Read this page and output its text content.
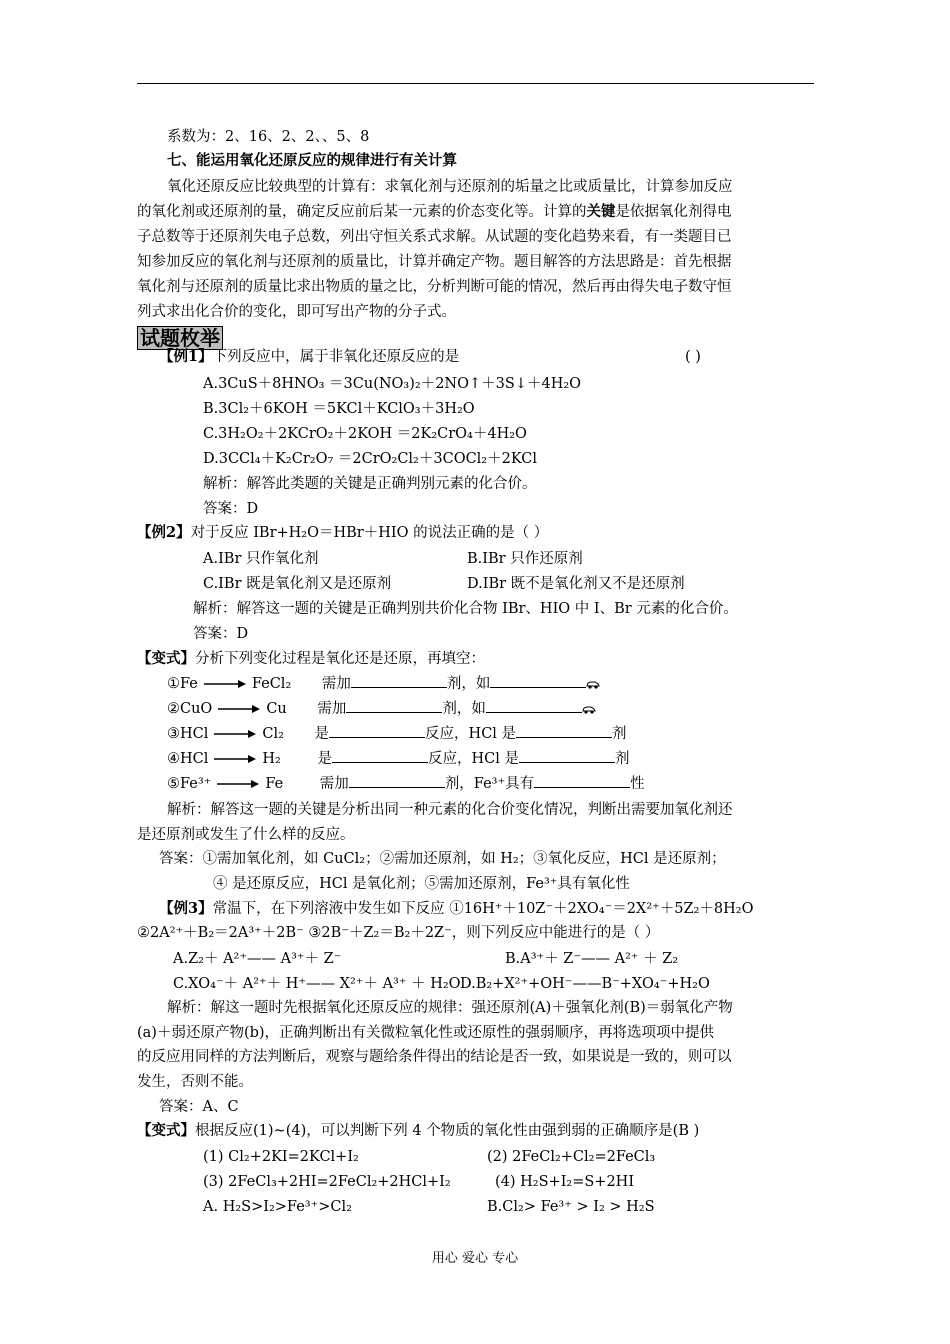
系数为：2、16、2、2、、5、8
七、能运用氧化还原反应的规律进行有关计算
氧化还原反应比较典型的计算有：求氧化剂与还原剂的垢量之比或质量比，计算参加反应
的氧化剂或还原剂的量，确定反应前后某一元素的价态变化等。计算的关键是依据氧化剂得电
子总数等于还原剂失电子总数，列出守恒关系式求解。从试题的变化趋势来看，有一类题目已
知参加反应的氧化剂与还原剂的质量比，计算并确定产物。题目解答的方法思路是：首先根据
氧化剂与还原剂的质量比求出物质的量之比，分析判断可能的情况，然后再由得失电子数守恒
列式求出化合价的变化，即可写出产物的分子式。
试题枚举
【例1】下列反应中，属于非氧化还原反应的是	( )
A.3CuS＋8HNO₃ ＝3Cu(NO₃)₂＋2NO↑＋3S↓＋4H₂O
B.3Cl₂＋6KOH ＝5KCl＋KClO₃＋3H₂O
C.3H₂O₂＋2KCrO₂＋2KOH ＝2K₂CrO₄＋4H₂O
D.3CCl₄＋K₂Cr₂O₇ ＝2CrO₂Cl₂＋3COCl₂＋2KCl
解析：解答此类题的关键是正确判别元素的化合价。
答案：D
【例2】对于反应 IBr+H₂O＝HBr＋HIO 的说法正确的是（ ）
A.IBr 只作氧化剂	B.IBr 只作还原剂
C.IBr 既是氧化剂又是还原剂	D.IBr 既不是氧化剂又不是还原剂
解析：解答这一题的关键是正确判别共价化合物 IBr、HIO 中 I、Br 元素的化合价。
答案：D
【变式】分析下列变化过程是氧化还是还原，再填空：
①Fe	FeCl₂ 需加	剂，如
②CuO	Cu 需加	剂，如
③HCl	Cl₂ 是	反应，HCl 是	剂
④HCl	H₂	是	反应，HCl 是	剂
⑤Fe³⁺	Fe	需加	剂，Fe³⁺具有	性
解析：解答这一题的关键是分析出同一种元素的化合价变化情况，判断出需要加氧化剂还
是还原剂或发生了什么样的反应。
答案：①需加氧化剂，如 CuCl₂；②需加还原剂，如 H₂；③氧化反应，HCl 是还原剂；
④ 是还原反应，HCl 是氧化剂；⑤需加还原剂，Fe³⁺具有氧化性
【例3】常温下，在下列溶液中发生如下反应 ①16H⁺＋10Z⁻＋2XO₄⁻＝2X²⁺＋5Z₂＋8H₂O
②2A²⁺＋B₂＝2A³⁺＋2B⁻ ③2B⁻＋Z₂＝B₂＋2Z⁻，则下列反应中能进行的是（ ）
A.Z₂＋ A²⁺—— A³⁺＋ Z⁻	B.A³⁺＋ Z⁻—— A²⁺ ＋ Z₂
C.XO₄⁻＋ A²⁺＋ H⁺—— X²⁺＋ A³⁺ ＋ H₂O D.B₂+X²⁺+OH⁻——B⁻+XO₄⁻+H₂O
解析：解这一题时先根据氧化还原反应的规律：强还原剂(A)＋强氧化剂(B)＝弱氧化产物
(a)＋弱还原产物(b)，正确判断出有关微粒氧化性或还原性的强弱顺序，再将选项项中提供
的反应用同样的方法判断后，观察与题给条件得出的结论是否一致，如果说是一致的，则可以
发生，否则不能。
答案：A、C
【变式】根据反应(1)~(4)，可以判断下列 4 个物质的氧化性由强到弱的正确顺序是(B )
(1) Cl₂+2KI=2KCl+I₂	(2) 2FeCl₂+Cl₂=2FeCl₃
(3) 2FeCl₃+2HI=2FeCl₂+2HCl+I₂	(4) H₂S+I₂=S+2HI
A. H₂S>I₂>Fe³⁺>Cl₂	B.Cl₂> Fe³⁺ > I₂ > H₂S
用心 爱心 专心
